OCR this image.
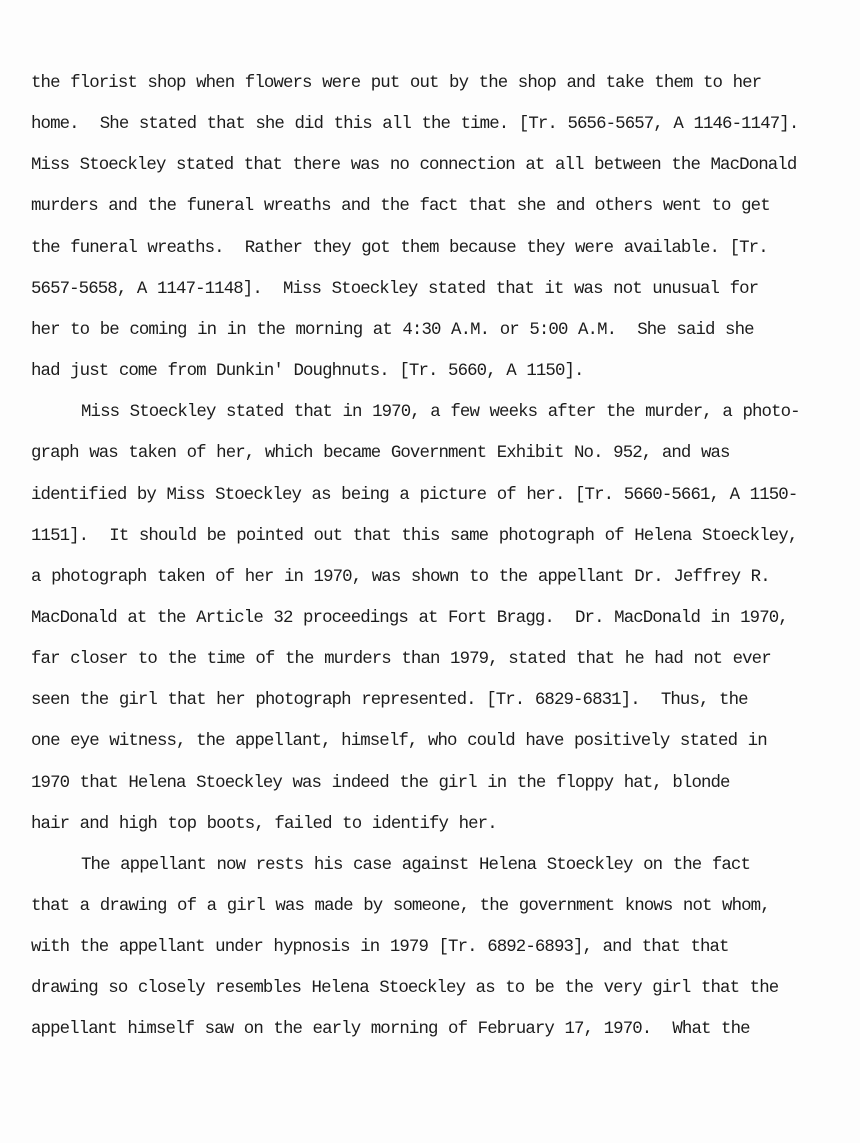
the florist shop when flowers were put out by the shop and take them to her
home.  She stated that she did this all the time. [Tr. 5656-5657, A 1146-1147].
Miss Stoeckley stated that there was no connection at all between the MacDonald
murders and the funeral wreaths and the fact that she and others went to get
the funeral wreaths.  Rather they got them because they were available. [Tr.
5657-5658, A 1147-1148].  Miss Stoeckley stated that it was not unusual for
her to be coming in in the morning at 4:30 A.M. or 5:00 A.M.  She said she
had just come from Dunkin' Doughnuts. [Tr. 5660, A 1150].
Miss Stoeckley stated that in 1970, a few weeks after the murder, a photo-
graph was taken of her, which became Government Exhibit No. 952, and was
identified by Miss Stoeckley as being a picture of her. [Tr. 5660-5661, A 1150-
1151].  It should be pointed out that this same photograph of Helena Stoeckley,
a photograph taken of her in 1970, was shown to the appellant Dr. Jeffrey R.
MacDonald at the Article 32 proceedings at Fort Bragg.  Dr. MacDonald in 1970,
far closer to the time of the murders than 1979, stated that he had not ever
seen the girl that her photograph represented. [Tr. 6829-6831].  Thus, the
one eye witness, the appellant, himself, who could have positively stated in
1970 that Helena Stoeckley was indeed the girl in the floppy hat, blonde
hair and high top boots, failed to identify her.
The appellant now rests his case against Helena Stoeckley on the fact
that a drawing of a girl was made by someone, the government knows not whom,
with the appellant under hypnosis in 1979 [Tr. 6892-6893], and that that
drawing so closely resembles Helena Stoeckley as to be the very girl that the
appellant himself saw on the early morning of February 17, 1970.  What the
